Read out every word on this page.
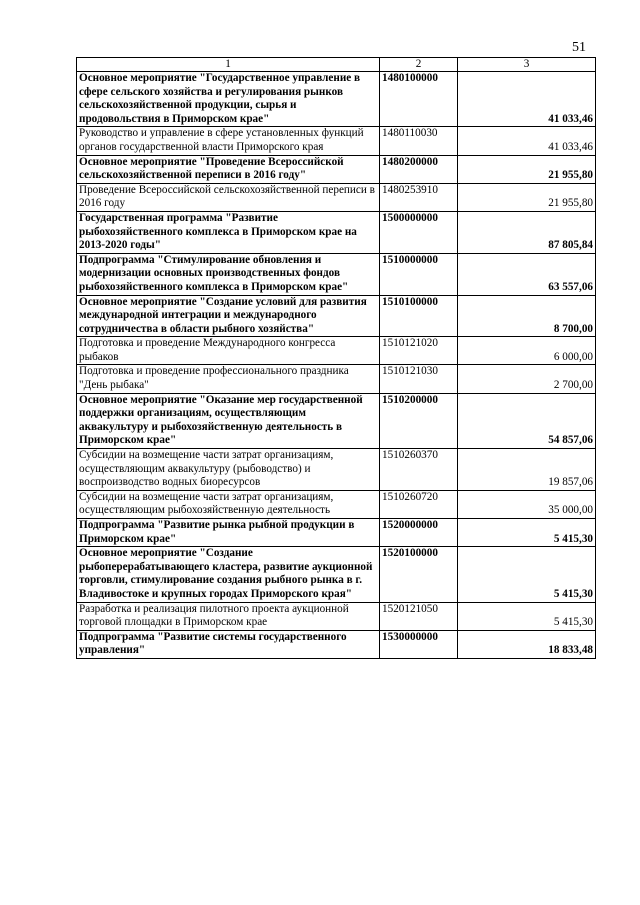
51
1	2	3
Основное мероприятие "Государственное управление в сфере сельского хозяйства и регулирования рынков сельскохозяйственной продукции, сырья и продовольствия в Приморском крае"	1480100000	41 033,46
Руководство и управление в сфере установленных функций органов государственной власти Приморского края	1480110030	41 033,46
Основное мероприятие "Проведение Всероссийской сельскохозяйственной переписи в 2016 году"	1480200000	21 955,80
Проведение Всероссийской сельскохозяйственной переписи в 2016 году	1480253910	21 955,80
Государственная программа "Развитие рыбохозяйственного комплекса в Приморском крае на 2013-2020 годы"	1500000000	87 805,84
Подпрограмма "Стимулирование обновления и модернизации основных производственных фондов рыбохозяйственного комплекса в Приморском крае"	1510000000	63 557,06
Основное мероприятие "Создание условий для развития международной интеграции и международного сотрудничества в области рыбного хозяйства"	1510100000	8 700,00
Подготовка и проведение Международного конгресса рыбаков	1510121020	6 000,00
Подготовка и проведение профессионального праздника "День рыбака"	1510121030	2 700,00
Основное мероприятие "Оказание мер государственной поддержки организациям, осуществляющим аквакультуру и рыбохозяйственную деятельность в Приморском крае"	1510200000	54 857,06
Субсидии на возмещение части затрат организациям, осуществляющим аквакультуру (рыбоводство) и воспроизводство водных биоресурсов	1510260370	19 857,06
Субсидии на возмещение части затрат организациям, осуществляющим рыбохозяйственную деятельность	1510260720	35 000,00
Подпрограмма "Развитие рынка рыбной продукции в Приморском крае"	1520000000	5 415,30
Основное мероприятие "Создание рыбоперерабатывающего кластера, развитие аукционной торговли, стимулирование создания рыбного рынка в г. Владивостоке и крупных городах Приморского края"	1520100000	5 415,30
Разработка и реализация пилотного проекта аукционной торговой площадки в Приморском крае	1520121050	5 415,30
Подпрограмма "Развитие системы государственного управления"	1530000000	18 833,48
